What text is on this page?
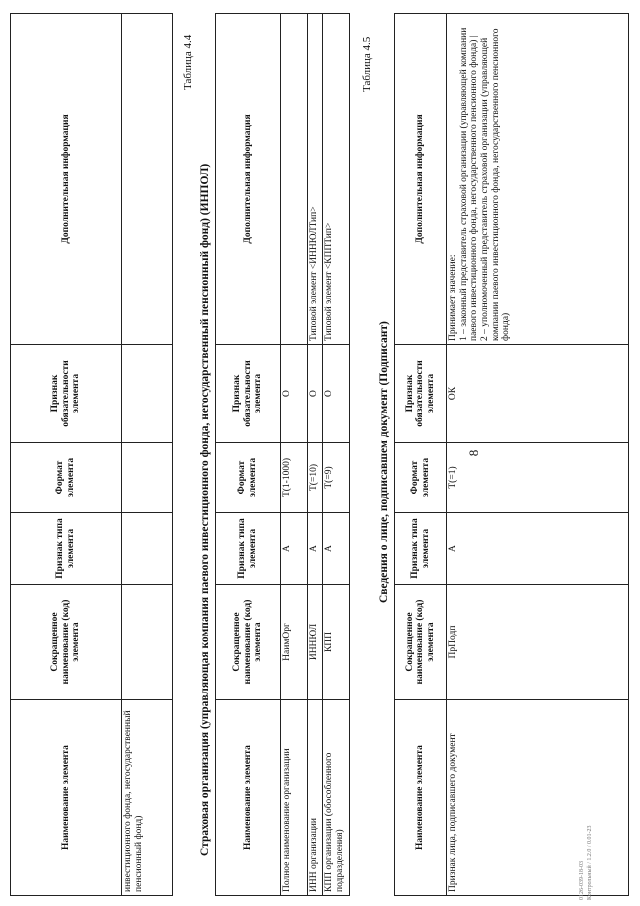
8
Наименование элемента	Сокращенное наименование (код) элемента	Признак типа элемента	Формат элемента	Признак обязательности элемента	Дополнительная информация
инвестиционного фонда, негосударственный пенсионный фонд)					
Таблица 4.4
Страховая организация (управляющая компания паевого инвестиционного фонда, негосударственный пенсионный фонд) (ИНПОЛ)	Наименование элемента	Сокращенное наименование (код) элемента	Признак типа элемента	Формат элемента	Признак обязательности элемента	Дополнительная информация
Полное наименование организации	НаимОрг	А	T(1-1000)	О	
ИНН организации	ИННЮЛ	А	T(=10)	О	Типовой элемент <ИННЮЛТип>
КПП организации (обособленного подразделения)	КПП	А	T(=9)	О	Типовой элемент <КППТип>
Таблица 4.5
Сведения о лице, подписавшем документ (Подписант)
Наименование элемента	Сокращенное наименование (код) элемента	Признак типа элемента	Формат элемента	Признак обязательности элемента	Дополнительная информация
Признак лица, подписавшего документ	ПрПодп	А	T(=1)	ОК	Принимает значение:
1 – законный представитель страховой организации (управляющей компании паевого инвестиционного фонда, негосударственного пенсионного фонда) |
2 – уполномоченный представитель страховой организации (управляющей компании паевого инвестиционного фонда, негосударственного пенсионного фонда)
0126-039-18-03 Контрольный / 1.2.0 / 0.01-23
